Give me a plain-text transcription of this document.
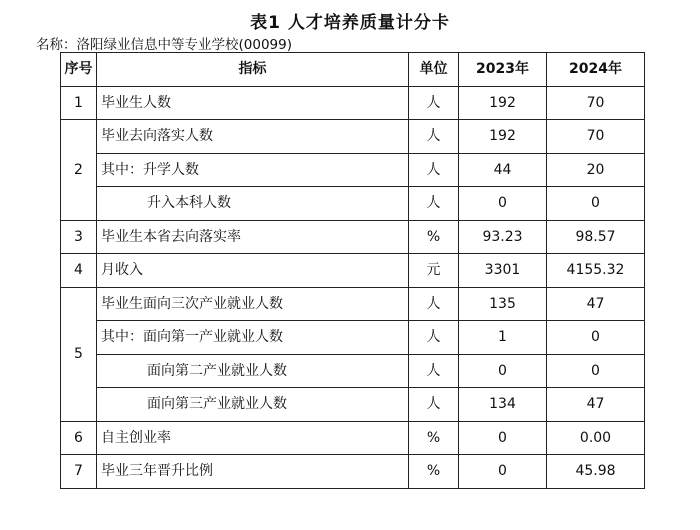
表1 人才培养质量计分卡
名称：洛阳绿业信息中等专业学校(00099)
序号	指标	单位	2023年	2024年
1	毕业生人数	人	192	70
2	毕业去向落实人数	人	192	70
	其中：升学人数	人	44	20
	升入本科人数	人	0	0
3	毕业生本省去向落实率	%	93.23	98.57
4	月收入	元	3301	4155.32
5	毕业生面向三次产业就业人数	人	135	47
	其中：面向第一产业就业人数	人	1	0
	面向第二产业就业人数	人	0	0
	面向第三产业就业人数	人	134	47
6	自主创业率	%	0	0.00
7	毕业三年晋升比例	%	0	45.98
